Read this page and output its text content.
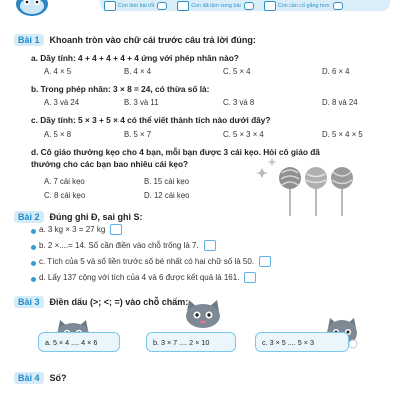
Con làm bài tốt	Con đã làm xong bài	Con cần cố gắng hơn
Bài 1	Khoanh tròn vào chữ cái trước câu trả lời đúng:
a. Dãy tính: 4 + 4 + 4 + 4 + 4 ứng với phép nhân nào?
A. 4 × 5	B. 4 × 4	C. 5 × 4	D. 6 × 4
b. Trong phép nhân: 3 × 8 = 24, có thừa số là:
A. 3 và 24	B. 3 và 11	C. 3 và 8	D. 8 và 24
c. Dãy tính: 5 × 3 + 5 × 4 có thể viết thành tích nào dưới đây?
A. 5 × 8	B. 5 × 7	C. 5 × 3 × 4	D. 5 × 4 × 5
d. Cô giáo thưởng kẹo cho 4 bạn, mỗi bạn được 3 cái kẹo. Hỏi cô giáo đã
thưởng cho các bạn bao nhiêu cái kẹo?
A. 7 cái kẹo	B. 15 cái kẹo
C. 8 cái kẹo	D. 12 cái kẹo
Bài 2	Đúng ghi Đ, sai ghi S:
a. 3 kg × 3 = 27 kg
b. 2 ×....= 14. Số cần điền vào chỗ trống là 7.
c. Tích của 5 và số liền trước số bé nhất có hai chữ số là 50.
d. Lấy 137 cộng với tích của 4 và 6 được kết quả là 161.
Bài 3	Điền dấu (>; <; =) vào chỗ chấm:
a. 5 × 4 .... 4 × 6	b. 3 × 7 .... 2 × 10	c. 3 × 5 .... 5 × 3
Bài 4	Số?
